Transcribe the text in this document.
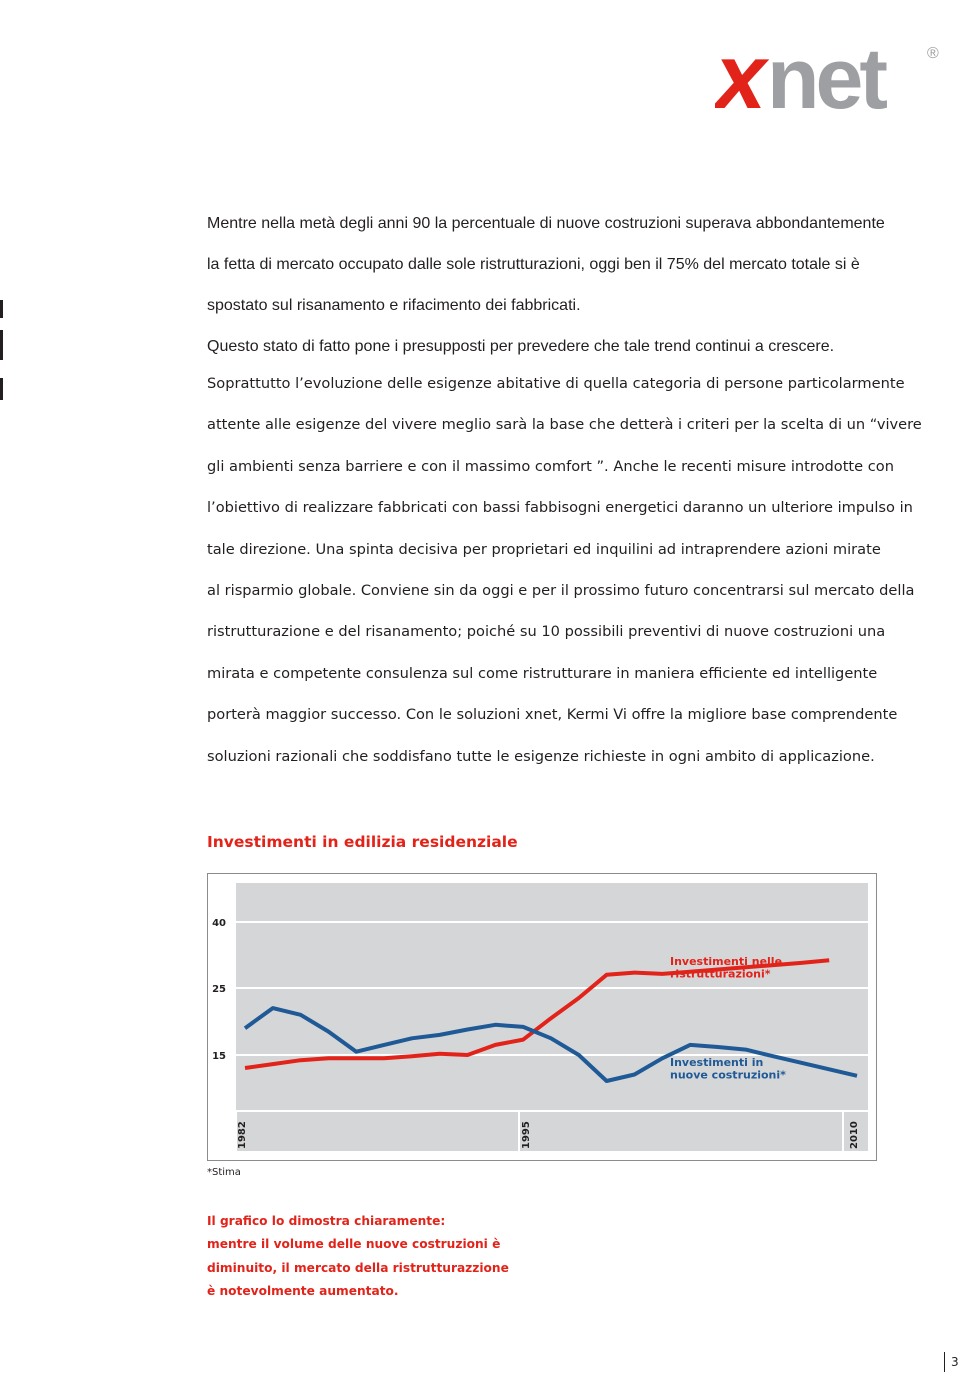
x net	®

Mentre nella metà degli anni 90 la percentuale di nuove costruzioni superava abbondantemente

la fetta di mercato occupato dalle sole ristrutturazioni, oggi ben il 75% del mercato totale si è

spostato sul risanamento e rifacimento dei fabbricati.

Questo stato di fatto pone i presupposti per prevedere che tale trend continui a crescere.

Soprattutto l’evoluzione delle esigenze abitative di quella categoria di persone particolarmente

attente alle esigenze del vivere meglio sarà la base che detterà i criteri per la scelta di un “vivere

gli ambienti senza barriere e con il massimo comfort ”. Anche le recenti misure introdotte con

l’obiettivo di realizzare fabbricati con bassi fabbisogni energetici daranno un ulteriore impulso in

tale direzione. Una spinta decisiva per proprietari ed inquilini ad intraprendere azioni mirate

al risparmio globale. Conviene sin da oggi e per il prossimo futuro concentrarsi sul mercato della

ristrutturazione e del risanamento; poiché su 10 possibili preventivi di nuove costruzioni una

mirata e competente consulenza sul come ristrutturare in maniera efficiente ed intelligente

porterà maggior successo. Con le soluzioni xnet, Kermi Vi offre la migliore base comprendente

soluzioni razionali che soddisfano tutte le esigenze richieste in ogni ambito di applicazione.

Investimenti in edilizia residenziale
Investimenti nelle
ristrutturazioni*
Investimenti in
nuove costruzioni*
40
25
15
1982	1995	2010
*Stima

Il grafico lo dimostra chiaramente:

mentre il volume delle nuove costruzioni è

diminuito, il mercato della ristrutturazzione

è notevolmente aumentato.

3
